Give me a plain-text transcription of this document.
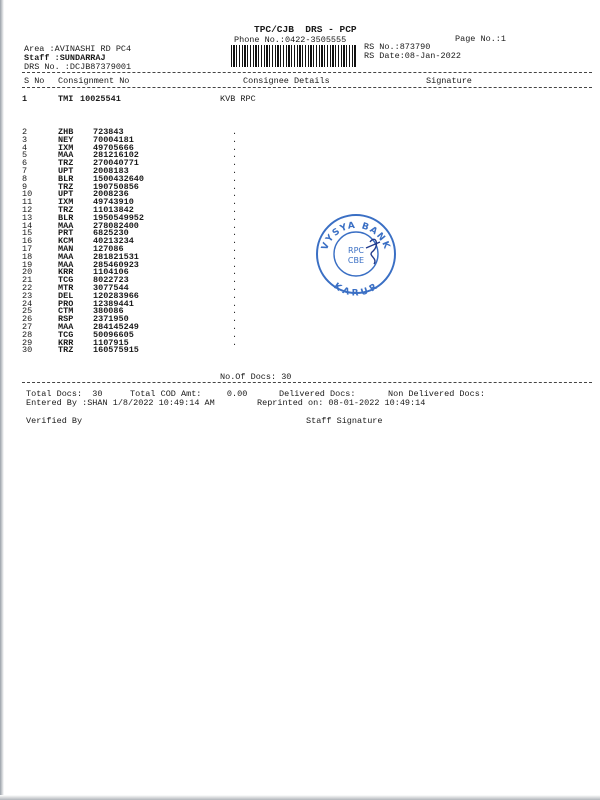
TPC/CJB  DRS - PCP
Phone No.:0422-3505555	Page No.:1
Area :AVINASHI RD PC4
Staff :SUNDARRAJ
DRS No. :DCJB87379001
RS No.:873790
RS Date:08-Jan-2022
S No Consignment No	Consignee Details	Signature
1	TMI 10025541	KVB RPC
2	ZHB 723843	.
3	NEY 70004181	.
4	IXM 49705666	.
5	MAA 281216102	.
6	TRZ 270040771	.
7	UPT 2008183	.
8	BLR 1500432640	.
9	TRZ 190750856	.
10	UPT 2008236	.
11	IXM 49743910	.
12	TRZ 11013842	.
13	BLR 1950549952	.
14	MAA 278082400	.
15	PRT 6825230	.
16	KCM 40213234	.
17	MAN 127086	.
18	MAA 281821531	.
19	MAA 285460923	.
20	KRR 1104106	.
21	TCG 8022723	.
22	MTR 3077544	.
23	DEL 120283966	.
24	PRO 12389441	.
25	CTM 380086	.
26	RSP 2371950	.
27	MAA 284145249	.
28	TCG 50096605	.
29	KRR 1107915	.
30	TRZ 160575915
No.Of Docs: 30
Total Docs:  30	Total COD Amt:     0.00	Delivered Docs:	Non Delivered Docs:
Entered By :SHAN 1/8/2022 10:49:14 AM	Reprinted on: 08-01-2022 10:49:14
Verified By	Staff Signature
VYSYA BANK
KARUR
RPC
CBE
